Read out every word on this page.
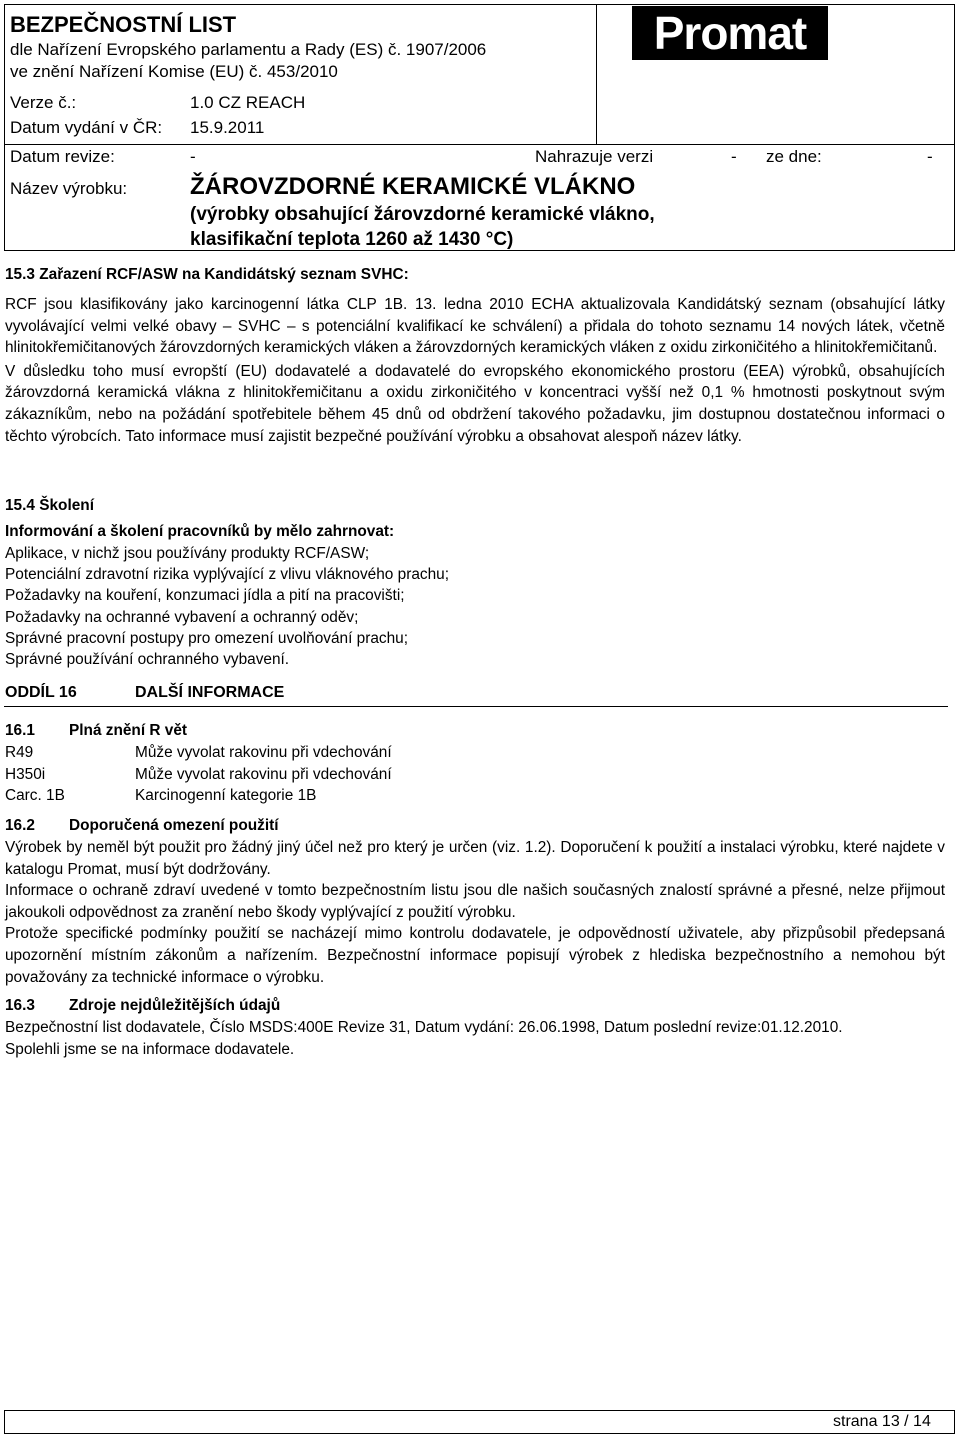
BEZPEČNOSTNÍ LIST
dle Nařízení Evropského parlamentu a Rady (ES) č. 1907/2006
ve znění Nařízení Komise (EU) č. 453/2010
Verze č.:	1.0 CZ REACH
Datum vydání v ČR: 15.9.2011
Datum revize:	-	Nahrazuje verzi	- ze dne:	-
Název výrobku:	ŽÁROVZDORNÉ KERAMICKÉ VLÁKNO
(výrobky obsahující žárovzdorné keramické vlákno,
klasifikační teplota 1260 až 1430 °C)
Promat
15.3 Zařazení RCF/ASW na Kandidátský seznam SVHC:

RCF jsou klasifikovány jako karcinogenní látka CLP 1B. 13. ledna 2010 ECHA aktualizovala Kandidátský seznam (obsahující látky vyvolávající velmi velké obavy – SVHC – s potenciální kvalifikací ke schválení) a přidala do tohoto seznamu 14 nových látek, včetně hlinitokřemičitanových žárovzdorných keramických vláken a žárovzdorných keramických vláken z oxidu zirkoničitého a hlinitokřemičitanů.

V důsledku toho musí evropští (EU) dodavatelé a dodavatelé do evropského ekonomického prostoru (EEA) výrobků, obsahujících žárovzdorná keramická vlákna z hlinitokřemičitanu a oxidu zirkoničitého v koncentraci vyšší než 0,1 % hmotnosti poskytnout svým zákazníkům, nebo na požádání spotřebitele během 45 dnů od obdržení takového požadavku, jim dostupnou dostatečnou informaci o těchto výrobcích. Tato informace musí zajistit bezpečné používání výrobku a obsahovat alespoň název látky.

15.4 Školení
Informování a školení pracovníků by mělo zahrnovat:
Aplikace, v nichž jsou používány produkty RCF/ASW;
Potenciální zdravotní rizika vyplývající z vlivu vláknového prachu;
Požadavky na kouření, konzumaci jídla a pití na pracovišti;
Požadavky na ochranné vybavení a ochranný oděv;
Správné pracovní postupy pro omezení uvolňování prachu;
Správné používání ochranného vybavení.
ODDÍL 16	DALŠÍ INFORMACE
16.1 Plná znění R vět
R49	Může vyvolat rakovinu při vdechování
H350i	Může vyvolat rakovinu při vdechování
Carc. 1B	Karcinogenní kategorie 1B
16.2 Doporučená omezení použití

Výrobek by neměl být použit pro žádný jiný účel než pro který je určen (viz. 1.2). Doporučení k použití a instalaci výrobku, které najdete v katalogu Promat, musí být dodržovány.

Informace o ochraně zdraví uvedené v tomto bezpečnostním listu jsou dle našich současných znalostí správné a přesné, nelze přijmout jakoukoli odpovědnost za zranění nebo škody vyplývající z použití výrobku.

Protože specifické podmínky použití se nacházejí mimo kontrolu dodavatele, je odpovědností uživatele, aby přizpůsobil předepsaná upozornění místním zákonům a nařízením. Bezpečnostní informace popisují výrobek z hlediska bezpečnostního a nemohou být považovány za technické informace o výrobku.

16.3 Zdroje nejdůležitějších údajů

Bezpečnostní list dodavatele, Číslo MSDS:400E Revize 31, Datum vydání: 26.06.1998, Datum poslední revize:01.12.2010.

Spolehli jsme se na informace dodavatele.

strana 13 / 14
